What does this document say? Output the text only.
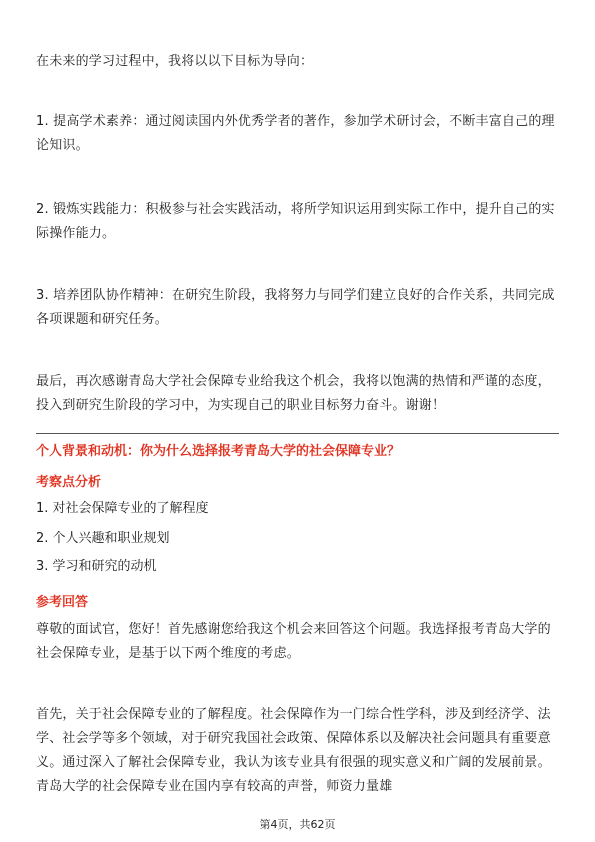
在未来的学习过程中，我将以以下目标为导向：

1. 提高学术素养：通过阅读国内外优秀学者的著作，参加学术研讨会，不断丰富自己的理论知识。

2. 锻炼实践能力：积极参与社会实践活动，将所学知识运用到实际工作中，提升自己的实际操作能力。

3. 培养团队协作精神：在研究生阶段，我将努力与同学们建立良好的合作关系，共同完成各项课题和研究任务。

最后，再次感谢青岛大学社会保障专业给我这个机会，我将以饱满的热情和严谨的态度，投入到研究生阶段的学习中，为实现自己的职业目标努力奋斗。谢谢！

个人背景和动机：你为什么选择报考青岛大学的社会保障专业？

考察点分析

1. 对社会保障专业的了解程度

2. 个人兴趣和职业规划

3. 学习和研究的动机

参考回答

尊敬的面试官，您好！首先感谢您给我这个机会来回答这个问题。我选择报考青岛大学的社会保障专业，是基于以下两个维度的考虑。

首先，关于社会保障专业的了解程度。社会保障作为一门综合性学科，涉及到经济学、法学、社会学等多个领域，对于研究我国社会政策、保障体系以及解决社会问题具有重要意义。通过深入了解社会保障专业，我认为该专业具有很强的现实意义和广阔的发展前景。青岛大学的社会保障专业在国内享有较高的声誉，师资力量雄

第4页，共62页
